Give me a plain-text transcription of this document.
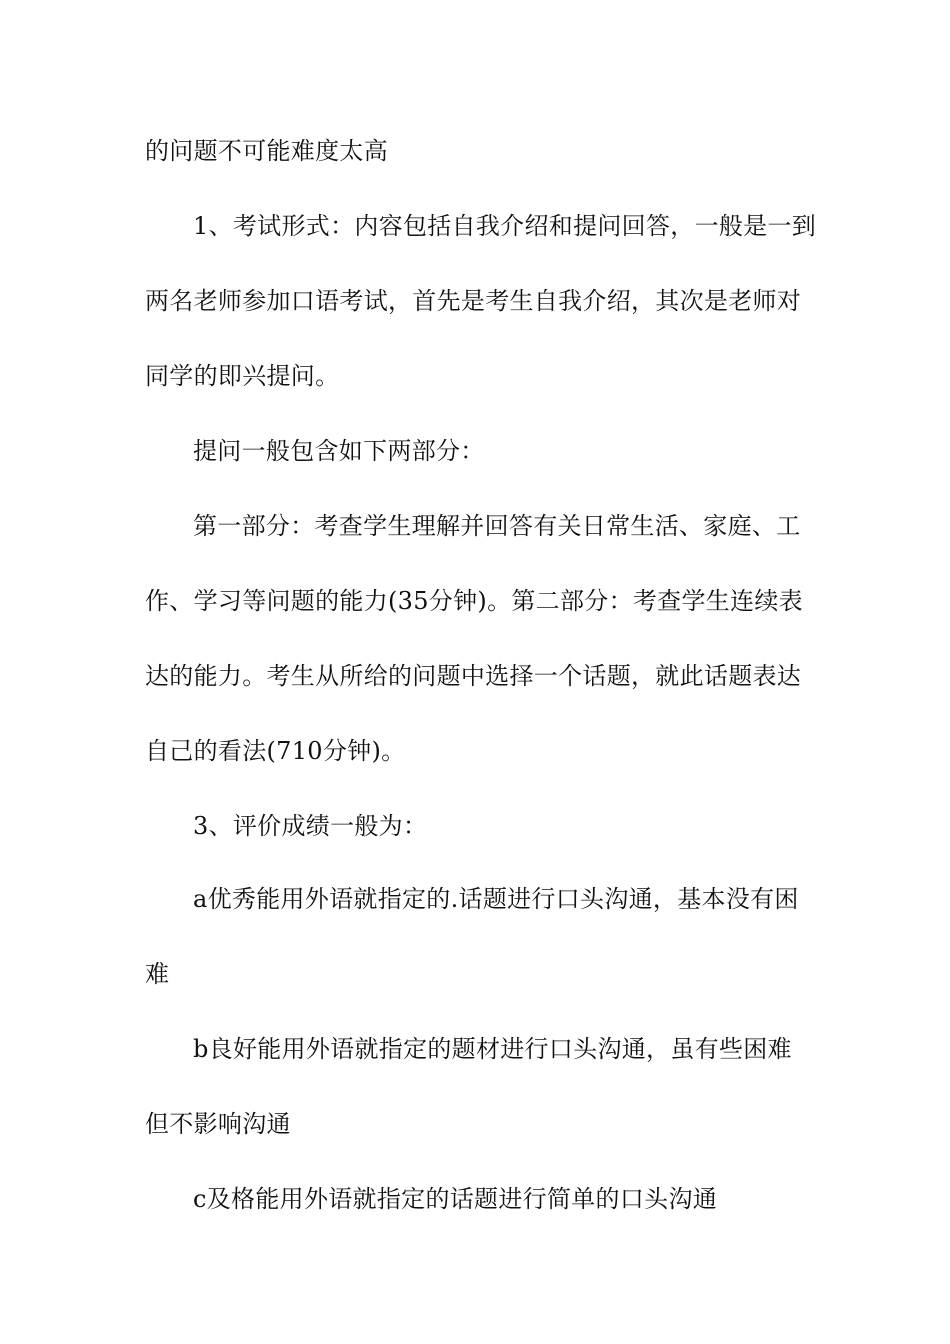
的问题不可能难度太高
1、考试形式：内容包括自我介绍和提问回答，一般是一到
两名老师参加口语考试，首先是考生自我介绍，其次是老师对
同学的即兴提问。
提问一般包含如下两部分：
第一部分：考查学生理解并回答有关日常生活、家庭、工
作、学习等问题的能力(35分钟)。第二部分：考查学生连续表
达的能力。考生从所给的问题中选择一个话题，就此话题表达
自己的看法(710分钟)。
3、评价成绩一般为：
a优秀能用外语就指定的.话题进行口头沟通，基本没有困
难
b良好能用外语就指定的题材进行口头沟通，虽有些困难
但不影响沟通
c及格能用外语就指定的话题进行简单的口头沟通
